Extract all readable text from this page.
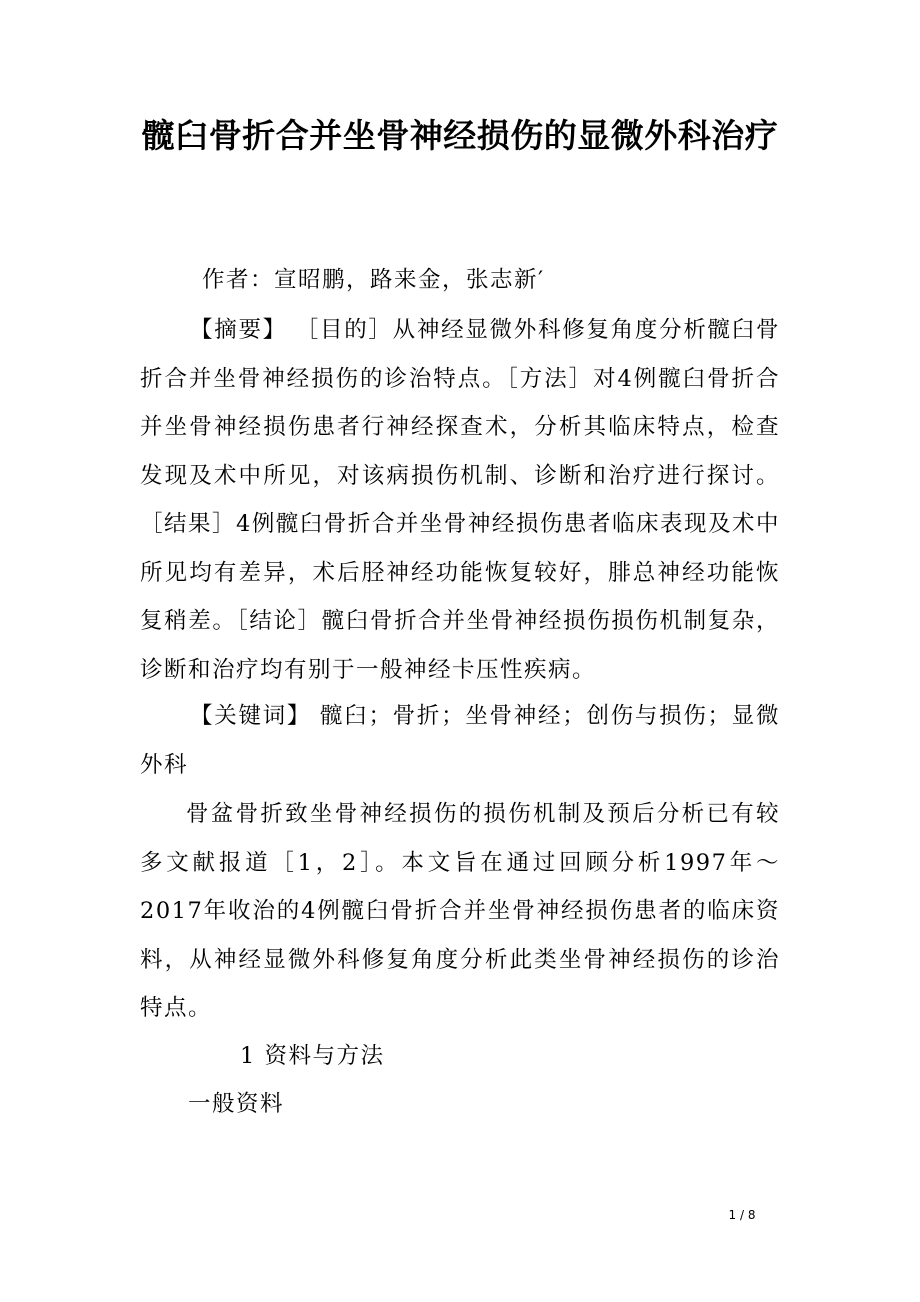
髋臼骨折合并坐骨神经损伤的显微外科治疗
作者：宣昭鹏，路来金，张志新′
【摘要】 ［目的］从神经显微外科修复角度分析髋臼骨折合并坐骨神经损伤的诊治特点。［方法］对4例髋臼骨折合并坐骨神经损伤患者行神经探查术，分析其临床特点，检查发现及术中所见，对该病损伤机制、诊断和治疗进行探讨。［结果］4例髋臼骨折合并坐骨神经损伤患者临床表现及术中所见均有差异，术后胫神经功能恢复较好，腓总神经功能恢复稍差。［结论］髋臼骨折合并坐骨神经损伤损伤机制复杂，诊断和治疗均有别于一般神经卡压性疾病。
【关键词】 髋臼；骨折；坐骨神经；创伤与损伤；显微外科
骨盆骨折致坐骨神经损伤的损伤机制及预后分析已有较多文献报道［1，2］。本文旨在通过回顾分析1997年～2017年收治的4例髋臼骨折合并坐骨神经损伤患者的临床资料，从神经显微外科修复角度分析此类坐骨神经损伤的诊治特点。
1 资料与方法
一般资料
1 / 8
